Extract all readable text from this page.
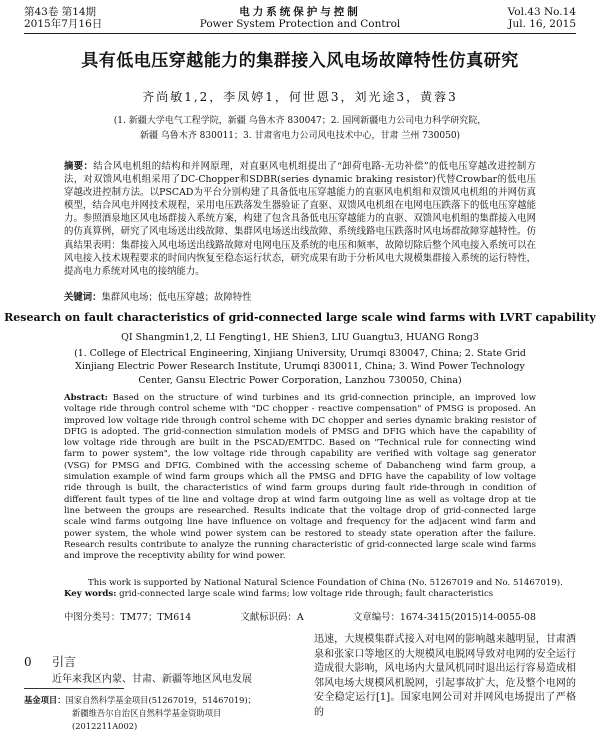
第43卷 第14期
2015年7月16日
电力系统保护与控制
Power System Protection and Control
Vol.43 No.14
Jul. 16, 2015
具有低电压穿越能力的集群接入风电场故障特性仿真研究
齐尚敏1,2，李凤婷1，何世恩3，刘光途3，黄蓉3
(1. 新疆大学电气工程学院，新疆 乌鲁木齐 830047；2. 国网新疆电力公司电力科学研究院，
新疆 乌鲁木齐 830011；3. 甘肃省电力公司风电技术中心，甘肃 兰州 730050)

摘要：结合风电机组的结构和并网原理，对直驱风电机组提出了“卸荷电路-无功补偿”的低电压穿越改进控制方法，对双馈风电机组采用了DC-Chopper和SDBR(series dynamic braking resistor)代替Crowbar的低电压穿越改进控制方法。以PSCAD为平台分别构建了具备低电压穿越能力的直驱风电机组和双馈风电机组的并网仿真模型，结合风电并网技术规程，采用电压跌落发生器验证了直驱、双馈风电机组在电网电压跌落下的低电压穿越能力。参照酒泉地区风电场群接入系统方案，构建了包含具备低电压穿越能力的直驱、双馈风电机组的集群接入电网的仿真算例，研究了风电场送出线故障、集群风电场送出线故障、系统线路电压跌落时风电场群故障穿越特性。仿真结果表明：集群接入风电场送出线路故障对电网电压及系统的电压和频率，故障切除后整个风电接入系统可以在风电接入技术规程要求的时间内恢复至稳态运行状态，研究成果有助于分析风电大规模集群接入系统的运行特性，提高电力系统对风电的接纳能力。

关键词：集群风电场；低电压穿越；故障特性

Research on fault characteristics of grid-connected large scale wind farms with LVRT capability
QI Shangmin1,2, LI Fengting1, HE Shien3, LIU Guangtu3, HUANG Rong3
(1. College of Electrical Engineering, Xinjiang University, Urumqi 830047, China; 2. State Grid Xinjiang Electric Power Research Institute, Urumqi 830011, China; 3. Wind Power Technology Center, Gansu Electric Power Corporation, Lanzhou 730050, China)

Abstract: Based on the structure of wind turbines and its grid-connection principle, an improved low voltage ride through control scheme with "DC chopper - reactive compensation" of PMSG is proposed. An improved low voltage ride through control scheme with DC chopper and series dynamic braking resistor of DFIG is adopted. The grid-connection simulation models of PMSG and DFIG which have the capability of low voltage ride through are built in the PSCAD/EMTDC. Based on "Technical rule for connecting wind farm to power system", the low voltage ride through capability are verified with voltage sag generator (VSG) for PMSG and DFIG. Combined with the accessing scheme of Dabancheng wind farm group, a simulation example of wind farm groups which all the PMSG and DFIG have the capability of low voltage ride through is built, the characteristics of wind farm groups during fault ride-through in condition of different fault types of tie line and voltage drop at wind farm outgoing line as well as voltage drop at tie line between the groups are researched. Results indicate that the voltage drop of grid-connected large scale wind farms outgoing line have influence on voltage and frequency for the adjacent wind farm and power system, the whole wind power system can be restored to steady state operation after the failure. Research results contribute to analyze the running characteristic of grid-connected large scale wind farms and improve the receptivity ability for wind power.

This work is supported by National Natural Science Foundation of China (No. 51267019 and No. 51467019).

Key words: grid-connected large scale wind farms; low voltage ride through; fault characteristics

中图分类号：TM77；TM614	文献标识码：A	文章编号：1674-3415(2015)14-0055-08
0 引言
近年来我区内蒙、甘肃、新疆等地区风电发展
基金项目：国家自然科学基金项目(51267019，51467019)；
新疆维吾尔自治区自然科学基金资助项目(2012211A002)

迅速，大规模集群式接入对电网的影响越来越明显，甘肃酒泉和张家口等地区的大规模风电脱网导致对电网的安全运行造成很大影响，风电场内大量风机同时退出运行容易造成相邻风电场大规模风机脱网，引起事故扩大，危及整个电网的安全稳定运行[1]。国家电网公司对并网风电场提出了严格的
